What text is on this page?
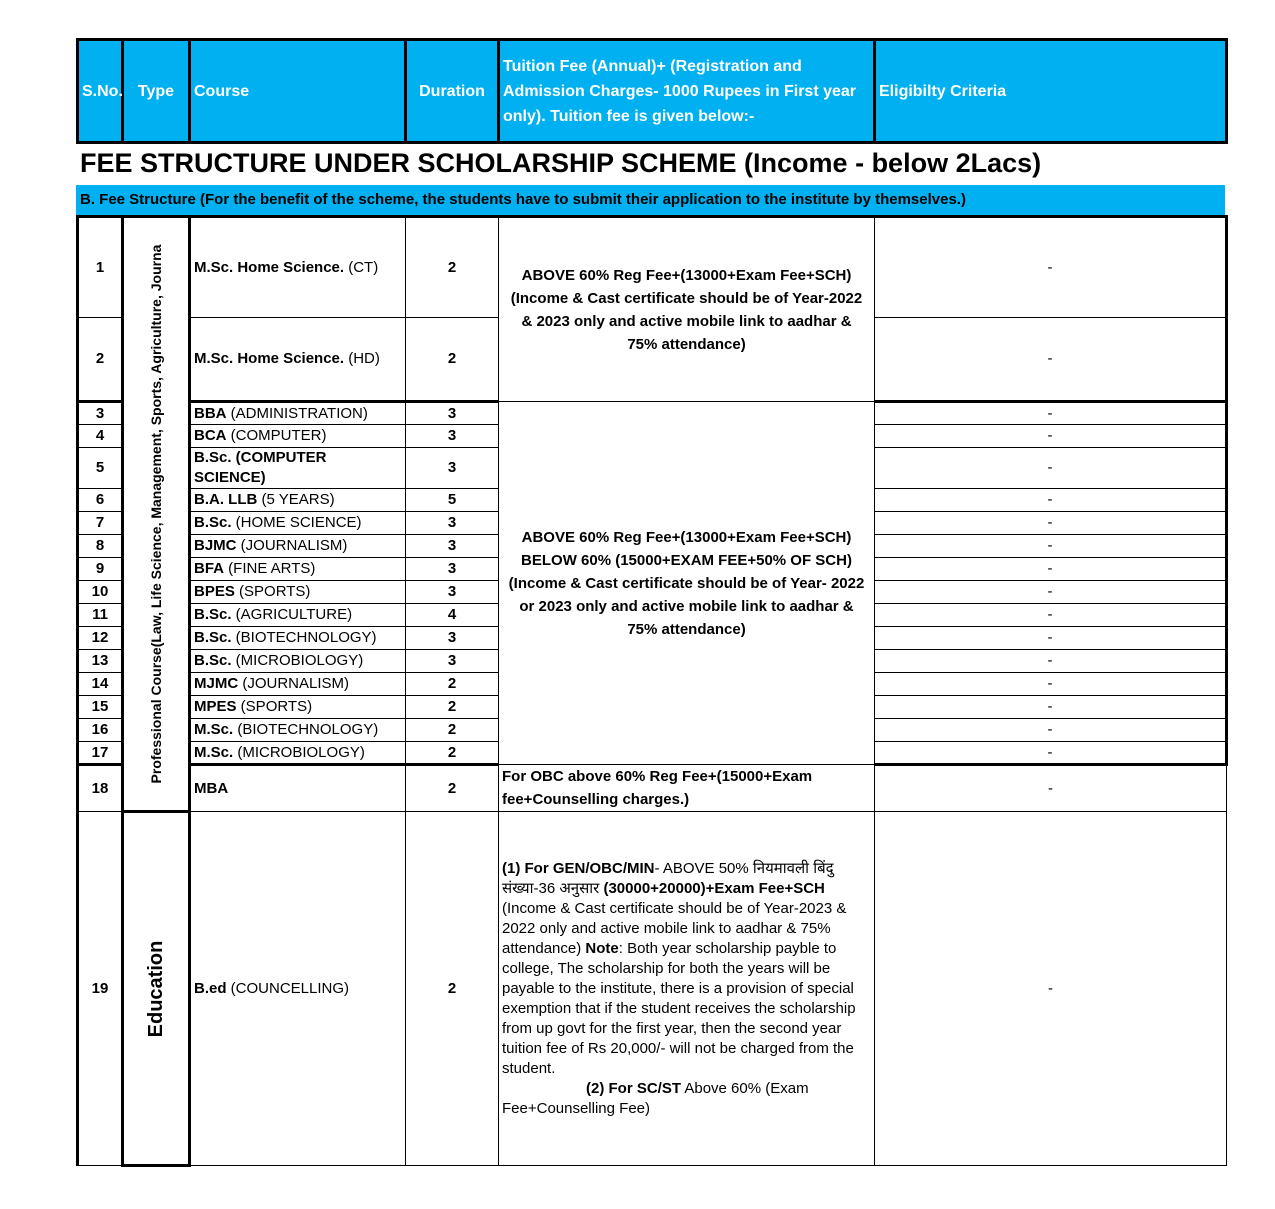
S.No.	Type	Course	Duration	Tuition Fee (Annual)+ (Registration and Admission Charges- 1000 Rupees in First year only). Tuition fee is given below:-	Eligibilty Criteria
FEE STRUCTURE UNDER SCHOLARSHIP SCHEME (Income - below 2Lacs)
B. Fee Structure (For the benefit of the scheme, the students have to submit their application to the institute by themselves.)
1	Professional Course(Law, Life Science, Management, Sports, Agriculture, Journa	M.Sc. Home Science. (CT)	2	ABOVE 60% Reg Fee+(13000+Exam Fee+SCH) (Income & Cast certificate should be of Year-2022 & 2023 only and active mobile link to aadhar & 75% attendance)	-
2		M.Sc. Home Science. (HD)	2		-
3		BBA (ADMINISTRATION)	3	ABOVE 60% Reg Fee+(13000+Exam Fee+SCH) BELOW 60% (15000+EXAM FEE+50% OF SCH) (Income & Cast certificate should be of Year- 2022 or 2023 only and active mobile link to aadhar & 75% attendance)	-
4		BCA (COMPUTER)	3		-
5		B.Sc. (COMPUTER SCIENCE)	3		-
6		B.A. LLB (5 YEARS)	5		-
7		B.Sc. (HOME SCIENCE)	3		-
8		BJMC (JOURNALISM)	3		-
9		BFA (FINE ARTS)	3		-
10		BPES (SPORTS)	3		-
11		B.Sc. (AGRICULTURE)	4		-
12		B.Sc. (BIOTECHNOLOGY)	3		-
13		B.Sc. (MICROBIOLOGY)	3		-
14		MJMC (JOURNALISM)	2		-
15		MPES (SPORTS)	2		-
16		M.Sc. (BIOTECHNOLOGY)	2		-
17		M.Sc. (MICROBIOLOGY)	2		-
18		MBA	2	For OBC above 60% Reg Fee+(15000+Exam fee+Counselling charges.)	-
19	Education	B.ed (COUNCELLING)	2	(1) For GEN/OBC/MIN- ABOVE 50% नियमावली बिंदु संख्या-36 अनुसार (30000+20000)+Exam Fee+SCH (Income & Cast certificate should be of Year-2023 & 2022 only and active mobile link to aadhar & 75% attendance) Note: Both year scholarship payble to college, The scholarship for both the years will be payable to the institute, there is a provision of special exemption that if the student receives the scholarship from up govt for the first year, then the second year tuition fee of Rs 20,000/- will not be charged from the student.
(2) For SC/ST Above 60% (Exam Fee+Counselling Fee)	-
